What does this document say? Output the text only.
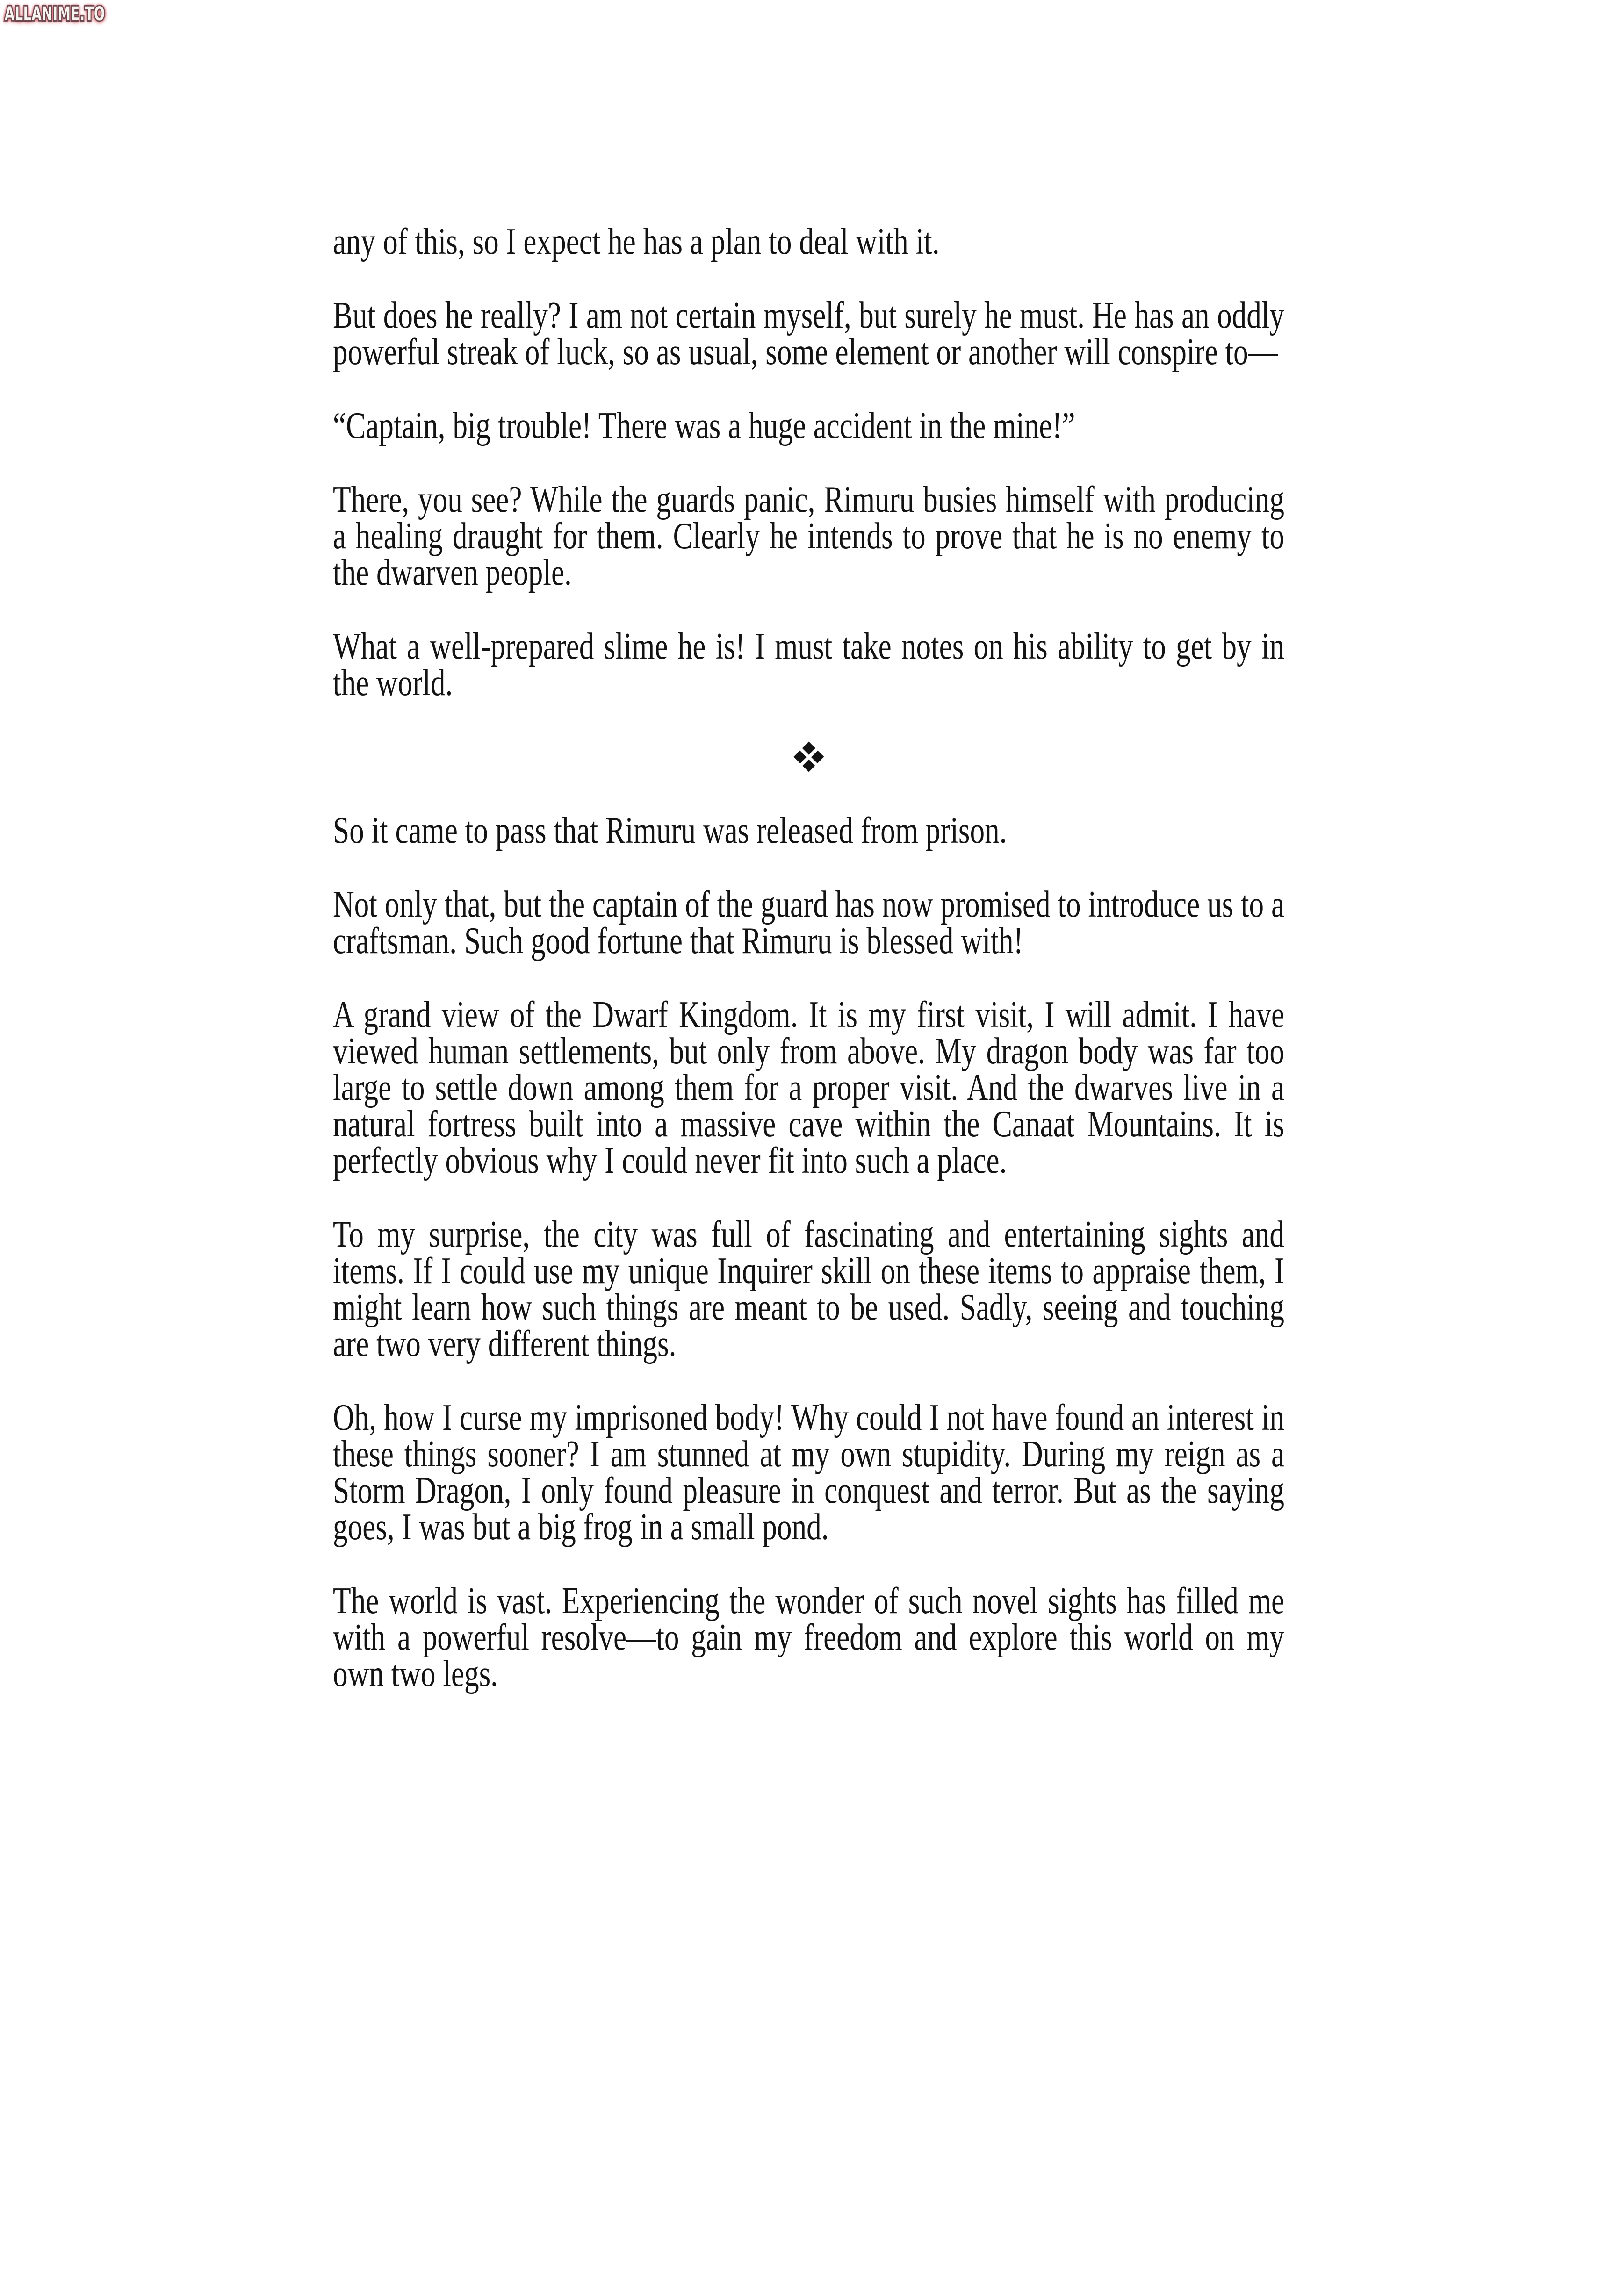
ALLANIME.TO ALLANIME.TO

any of this, so I expect he has a plan to deal with it.

But does he really? I am not certain myself, but surely he must. He has an oddly powerful streak of luck, so as usual, some element or another will conspire to—

“Captain, big trouble! There was a huge accident in the mine!”

There, you see? While the guards panic, Rimuru busies himself with producing a healing draught for them. Clearly he intends to prove that he is no enemy to the dwarven people.

What a well-prepared slime he is! I must take notes on his ability to get by in the world.

So it came to pass that Rimuru was released from prison.

Not only that, but the captain of the guard has now promised to introduce us to a craftsman. Such good fortune that Rimuru is blessed with!

A grand view of the Dwarf Kingdom. It is my first visit, I will admit. I have viewed human settlements, but only from above. My dragon body was far too large to settle down among them for a proper visit. And the dwarves live in a natural fortress built into a massive cave within the Canaat Mountains. It is perfectly obvious why I could never fit into such a place.

To my surprise, the city was full of fascinating and entertaining sights and items. If I could use my unique Inquirer skill on these items to appraise them, I might learn how such things are meant to be used. Sadly, seeing and touching are two very different things.

Oh, how I curse my imprisoned body! Why could I not have found an interest in these things sooner? I am stunned at my own stupidity. During my reign as a Storm Dragon, I only found pleasure in conquest and terror. But as the saying goes, I was but a big frog in a small pond.

The world is vast. Experiencing the wonder of such novel sights has filled me with a powerful resolve—to gain my freedom and explore this world on my own two legs.
